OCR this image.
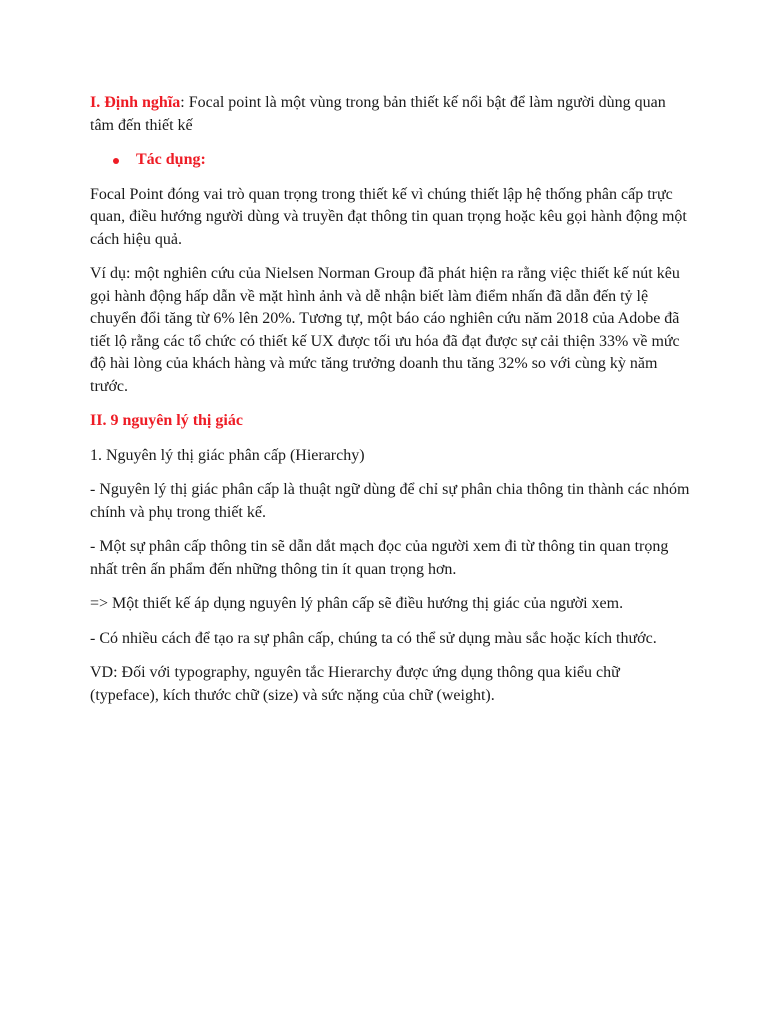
I. Định nghĩa: Focal point là một vùng trong bản thiết kế nổi bật để làm người dùng quan tâm đến thiết kế

Tác dụng:

Focal Point đóng vai trò quan trọng trong thiết kế vì chúng thiết lập hệ thống phân cấp trực quan, điều hướng người dùng và truyền đạt thông tin quan trọng hoặc kêu gọi hành động một cách hiệu quả.

Ví dụ: một nghiên cứu của Nielsen Norman Group đã phát hiện ra rằng việc thiết kế nút kêu gọi hành động hấp dẫn về mặt hình ảnh và dễ nhận biết làm điểm nhấn đã dẫn đến tỷ lệ chuyển đổi tăng từ 6% lên 20%. Tương tự, một báo cáo nghiên cứu năm 2018 của Adobe đã tiết lộ rằng các tổ chức có thiết kế UX được tối ưu hóa đã đạt được sự cải thiện 33% về mức độ hài lòng của khách hàng và mức tăng trưởng doanh thu tăng 32% so với cùng kỳ năm trước.

II. 9 nguyên lý thị giác

1. Nguyên lý thị giác phân cấp (Hierarchy)

- Nguyên lý thị giác phân cấp là thuật ngữ dùng để chỉ sự phân chia thông tin thành các nhóm chính và phụ trong thiết kế.

- Một sự phân cấp thông tin sẽ dẫn dắt mạch đọc của người xem đi từ thông tin quan trọng nhất trên ấn phẩm đến những thông tin ít quan trọng hơn.

=> Một thiết kế áp dụng nguyên lý phân cấp sẽ điều hướng thị giác của người xem.

- Có nhiều cách để tạo ra sự phân cấp, chúng ta có thể sử dụng màu sắc hoặc kích thước.

VD: Đối với typography, nguyên tắc Hierarchy được ứng dụng thông qua kiểu chữ (typeface), kích thước chữ (size) và sức nặng của chữ (weight).
